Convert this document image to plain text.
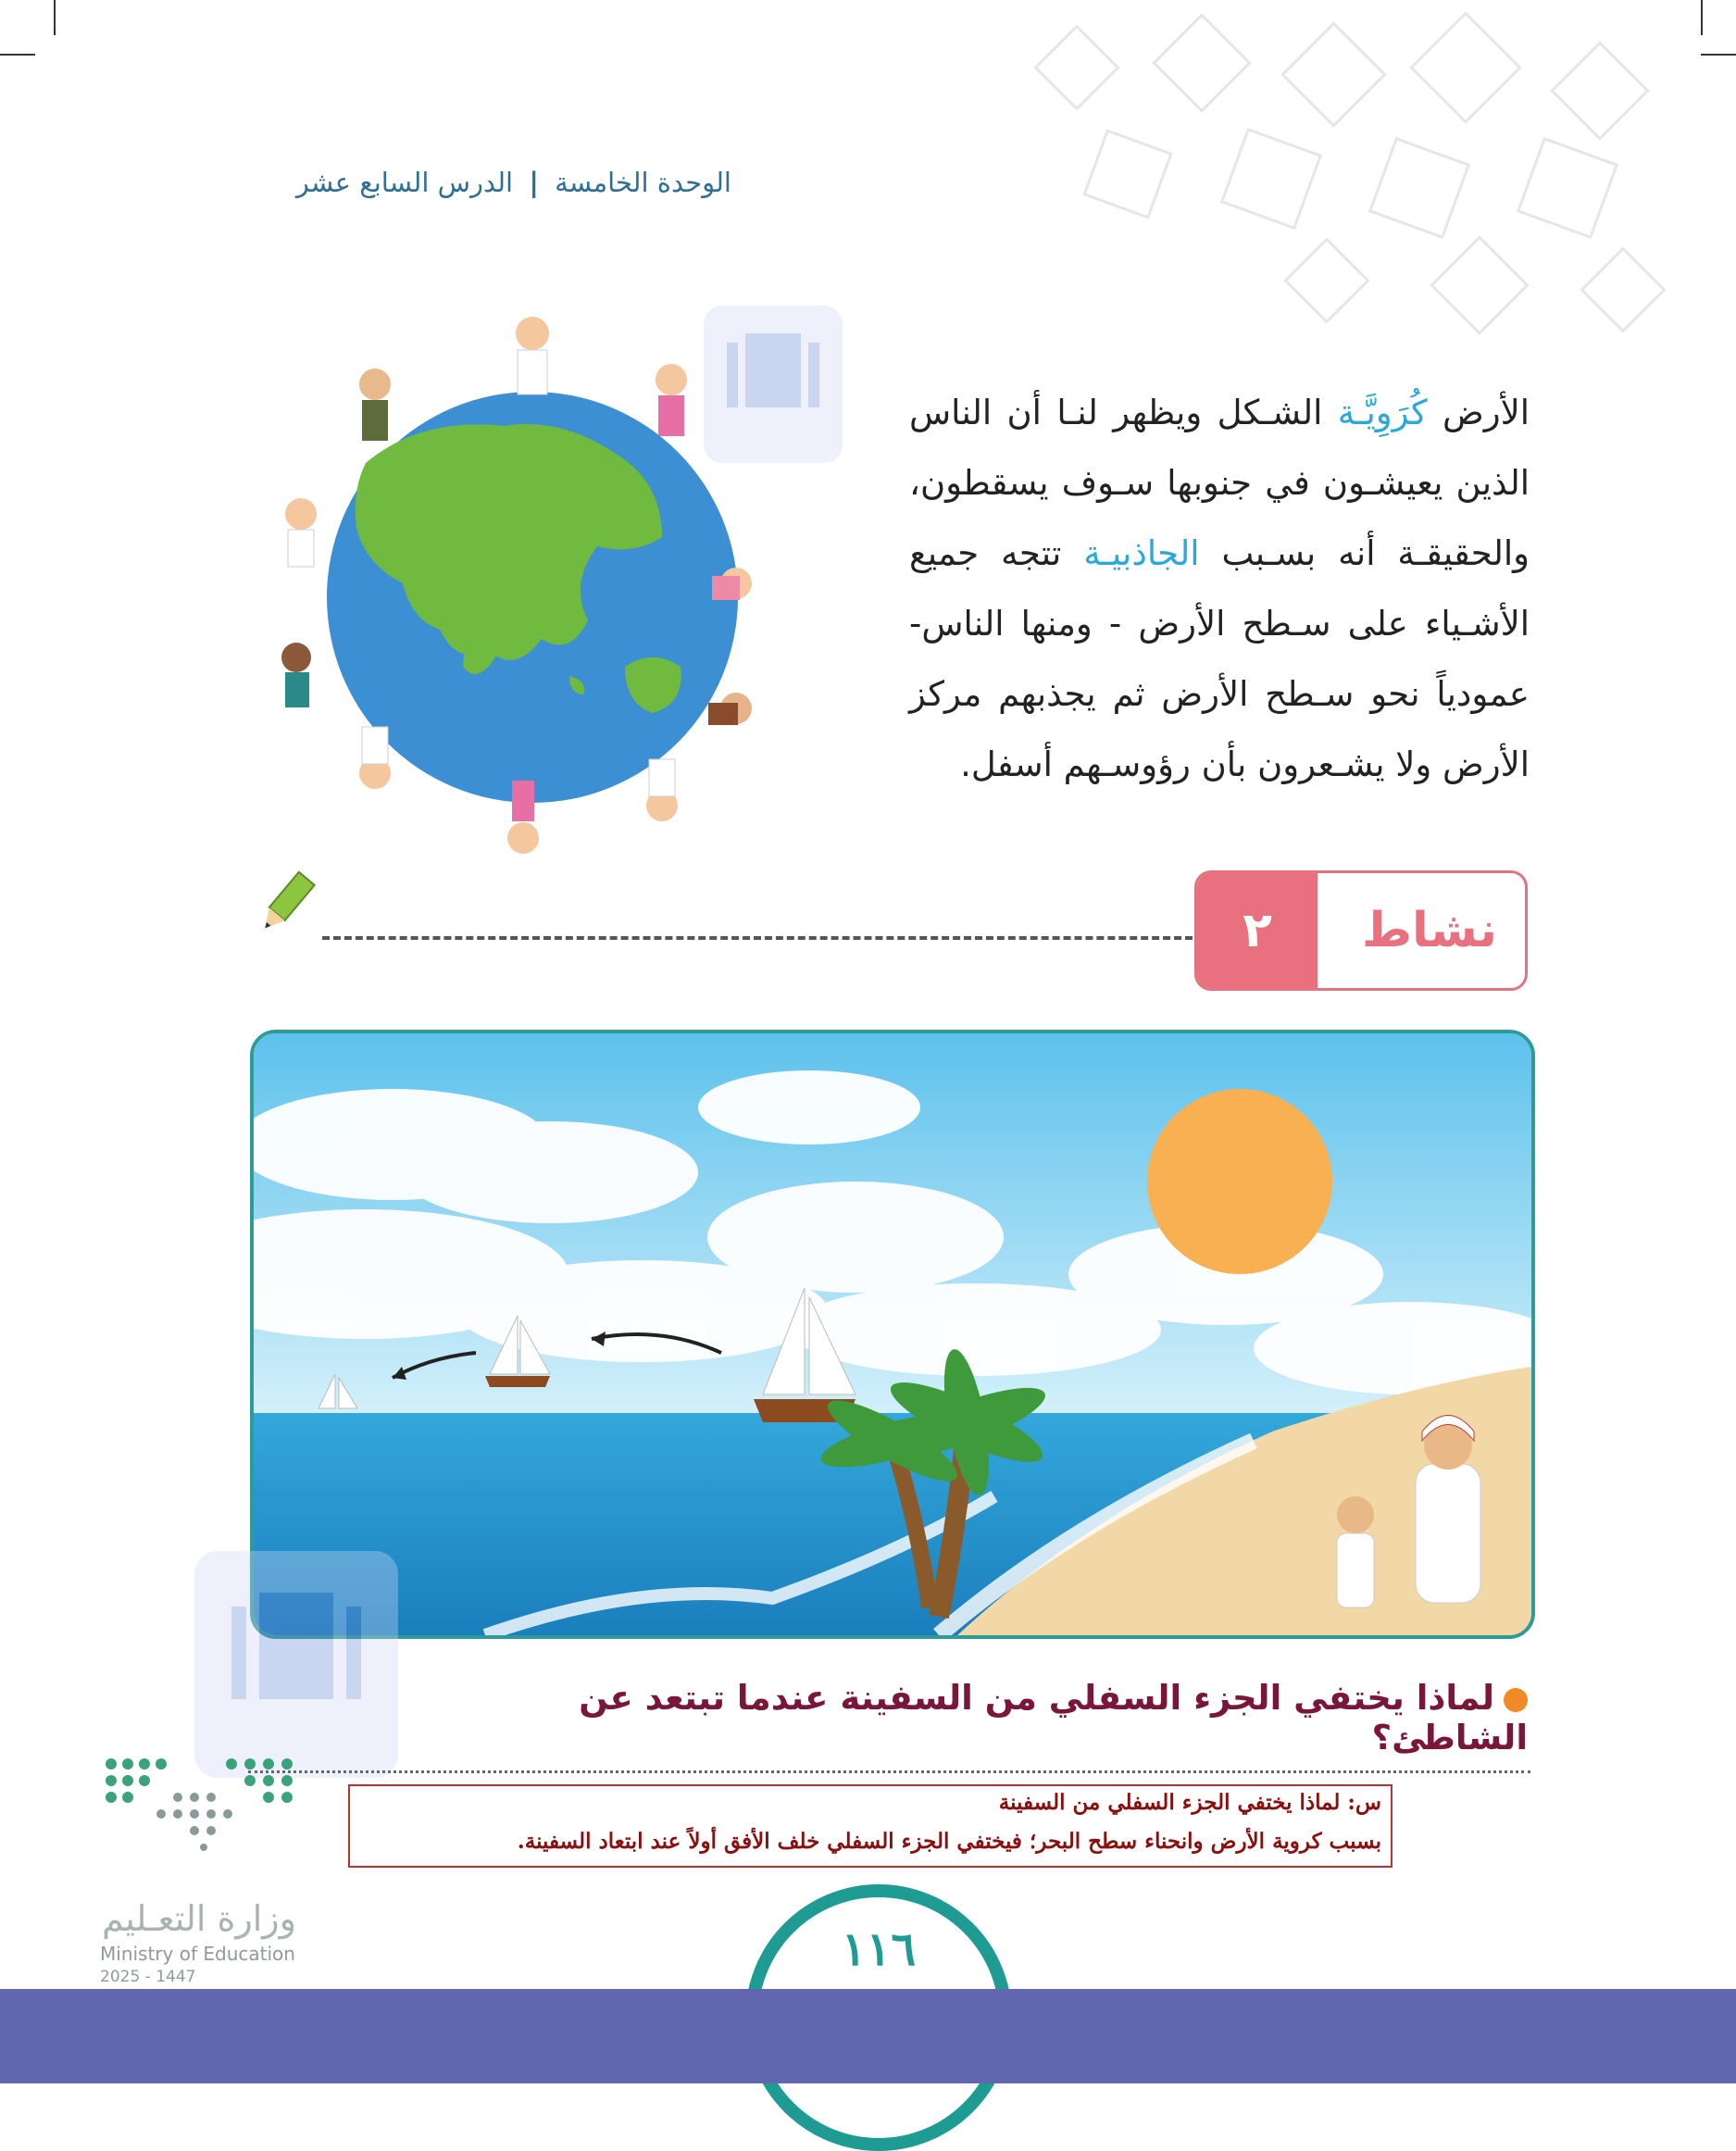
الوحدة الخامسة | الدرس السابع عشر
الأرض كُرَوِيَّـة الشـكل ويظهر لنـا أن الناس الذين يعيشـون في جنوبها سـوف يسقطون، والحقيقـة أنه بسـبب الجاذبيـة تتجه جميع الأشـياء على سـطح الأرض - ومنها الناس- عمودياً نحو سـطح الأرض ثم يجذبهم مركز الأرض ولا يشـعرون بأن رؤوسـهم أسفل.
نشاط
٢
لماذا يختفي الجزء السفلي من السفينة عندما تبتعد عن الشاطئ؟
س: لماذا يختفي الجزء السفلي من السفينة
بسبب كروية الأرض وانحناء سطح البحر؛ فيختفي الجزء السفلي خلف الأفق أولاً عند ابتعاد السفينة.
وزارة التعـليم
Ministry of Education
2025 - 1447
١١٦
